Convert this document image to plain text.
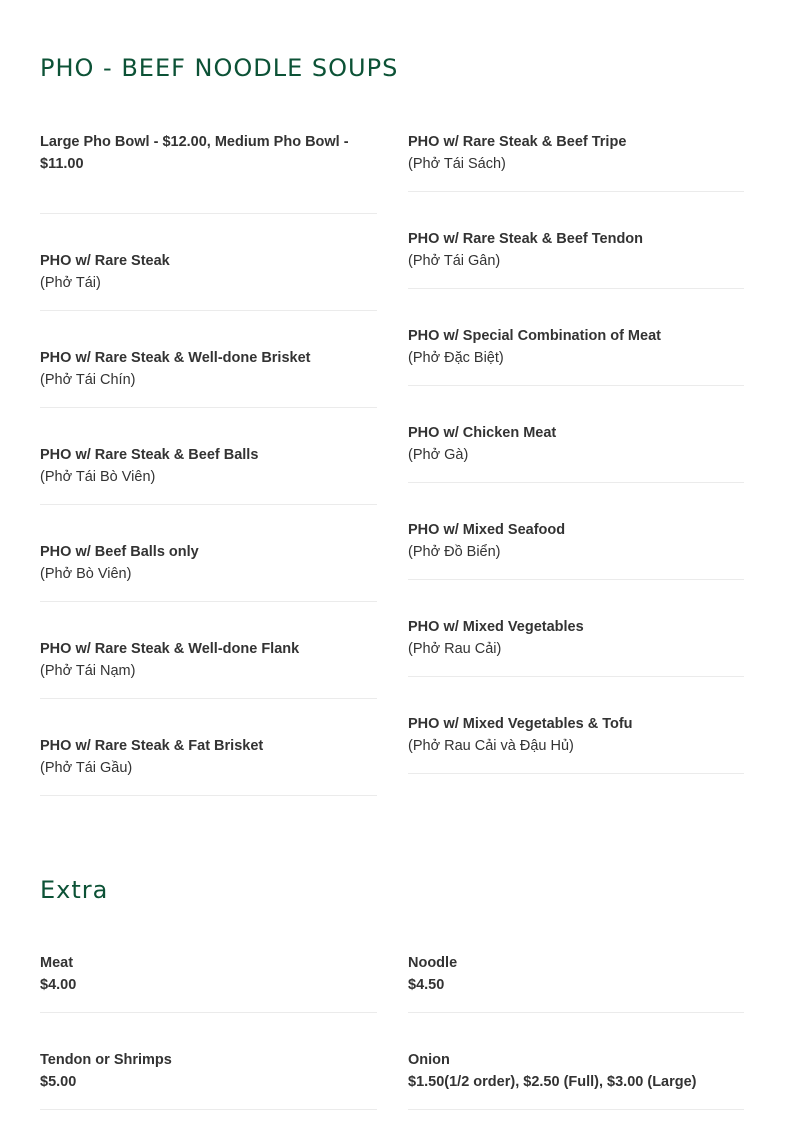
PHO - BEEF NOODLE SOUPS
Large Pho Bowl - $12.00, Medium Pho Bowl - $11.00
PHO w/ Rare Steak
(Phở Tái)
PHO w/ Rare Steak & Well-done Brisket
(Phở Tái Chín)
PHO w/ Rare Steak & Beef Balls
(Phở Tái Bò Viên)
PHO w/ Beef Balls only
(Phở Bò Viên)
PHO w/ Rare Steak & Well-done Flank
(Phở Tái Nạm)
PHO w/ Rare Steak & Fat Brisket
(Phở Tái Gầu)
PHO w/ Rare Steak & Beef Tripe
(Phở Tái Sách)
PHO w/ Rare Steak & Beef Tendon
(Phở Tái Gân)
PHO w/ Special Combination of Meat
(Phở Đặc Biệt)
PHO w/ Chicken Meat
(Phở Gà)
PHO w/ Mixed Seafood
(Phở Đồ Biển)
PHO w/ Mixed Vegetables
(Phở Rau Cải)
PHO w/ Mixed Vegetables & Tofu
(Phở Rau Cải và Đậu Hủ)
Extra
Meat
$4.00
Tendon or Shrimps
$5.00
Noodle
$4.50
Onion
$1.50(1/2 order), $2.50 (Full), $3.00 (Large)
